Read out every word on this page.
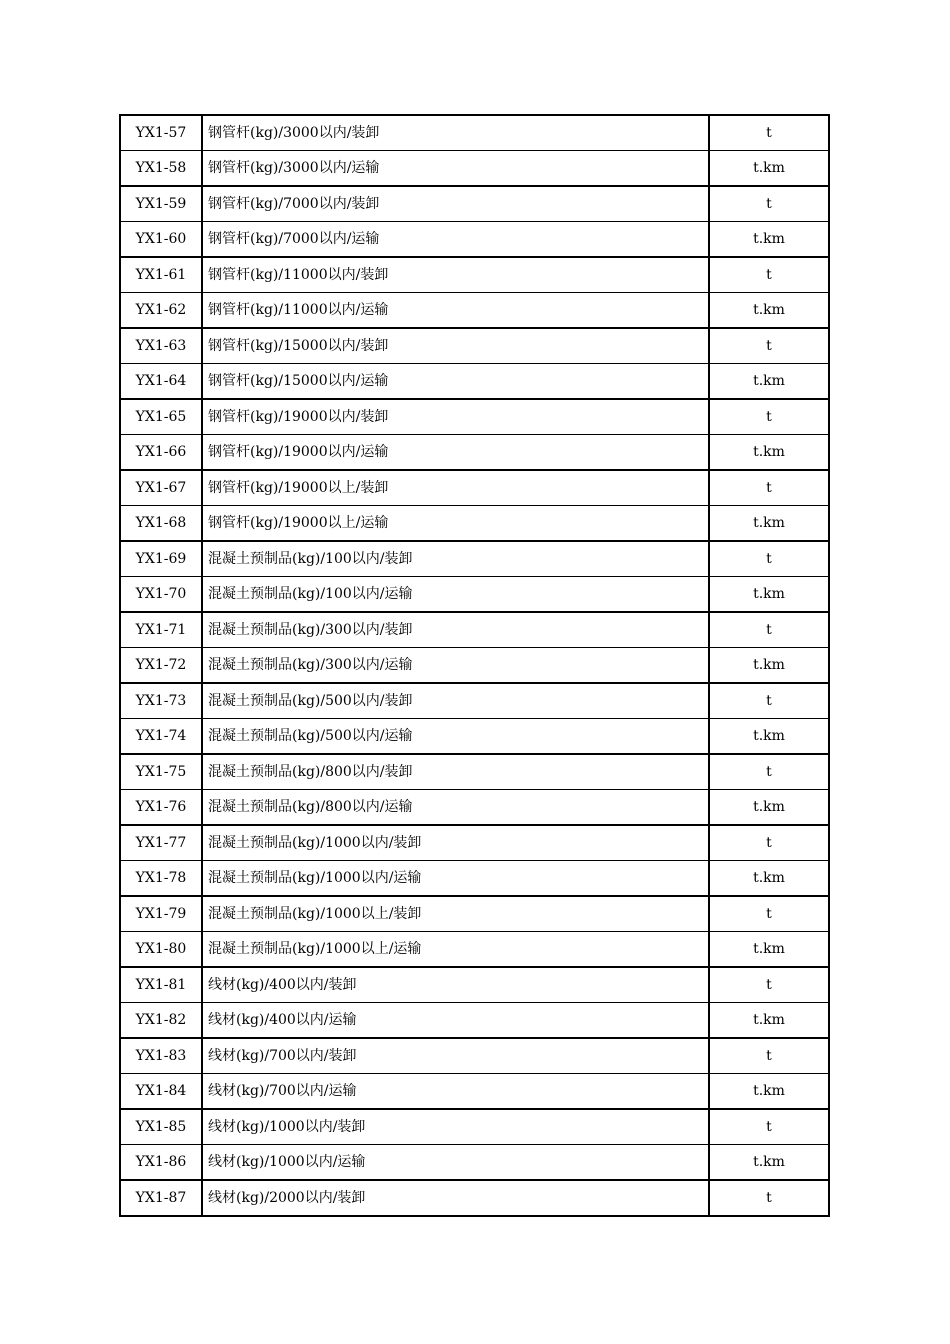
YX1-57	钢管杆(kg)/3000以内/装卸	t
YX1-58	钢管杆(kg)/3000以内/运输	t.km
YX1-59	钢管杆(kg)/7000以内/装卸	t
YX1-60	钢管杆(kg)/7000以内/运输	t.km
YX1-61	钢管杆(kg)/11000以内/装卸	t
YX1-62	钢管杆(kg)/11000以内/运输	t.km
YX1-63	钢管杆(kg)/15000以内/装卸	t
YX1-64	钢管杆(kg)/15000以内/运输	t.km
YX1-65	钢管杆(kg)/19000以内/装卸	t
YX1-66	钢管杆(kg)/19000以内/运输	t.km
YX1-67	钢管杆(kg)/19000以上/装卸	t
YX1-68	钢管杆(kg)/19000以上/运输	t.km
YX1-69	混凝土预制品(kg)/100以内/装卸	t
YX1-70	混凝土预制品(kg)/100以内/运输	t.km
YX1-71	混凝土预制品(kg)/300以内/装卸	t
YX1-72	混凝土预制品(kg)/300以内/运输	t.km
YX1-73	混凝土预制品(kg)/500以内/装卸	t
YX1-74	混凝土预制品(kg)/500以内/运输	t.km
YX1-75	混凝土预制品(kg)/800以内/装卸	t
YX1-76	混凝土预制品(kg)/800以内/运输	t.km
YX1-77	混凝土预制品(kg)/1000以内/装卸	t
YX1-78	混凝土预制品(kg)/1000以内/运输	t.km
YX1-79	混凝土预制品(kg)/1000以上/装卸	t
YX1-80	混凝土预制品(kg)/1000以上/运输	t.km
YX1-81	线材(kg)/400以内/装卸	t
YX1-82	线材(kg)/400以内/运输	t.km
YX1-83	线材(kg)/700以内/装卸	t
YX1-84	线材(kg)/700以内/运输	t.km
YX1-85	线材(kg)/1000以内/装卸	t
YX1-86	线材(kg)/1000以内/运输	t.km
YX1-87	线材(kg)/2000以内/装卸	t
